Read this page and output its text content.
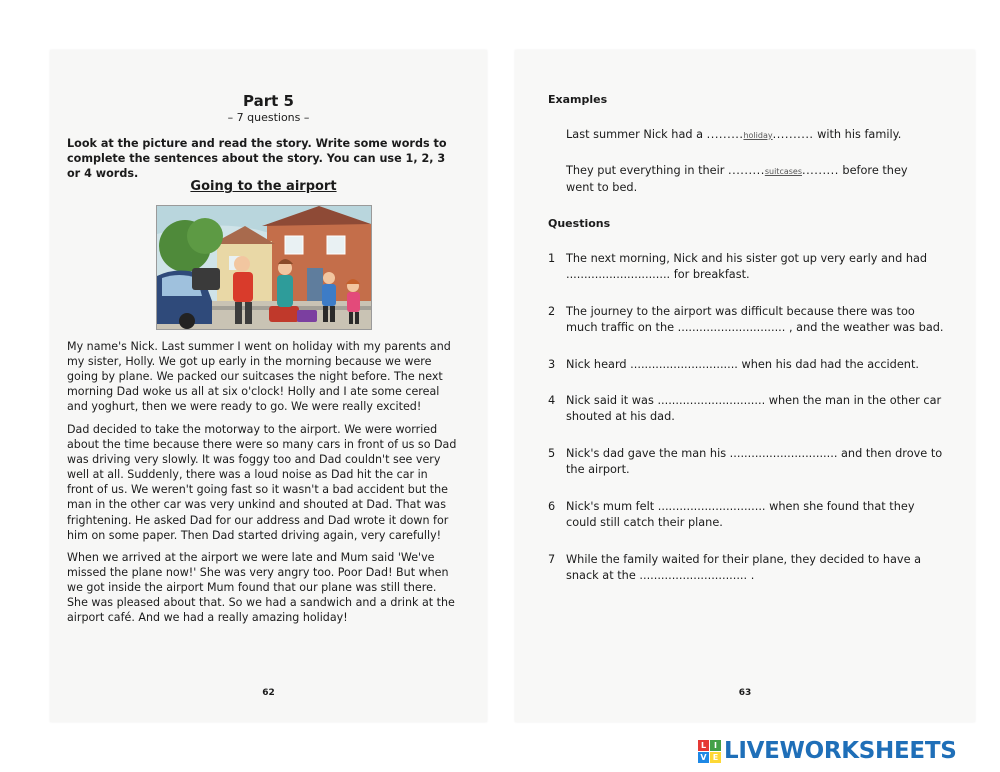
Part 5
– 7 questions –
Look at the picture and read the story. Write some words to complete the sentences about the story. You can use 1, 2, 3 or 4 words.
Going to the airport
My name's Nick. Last summer I went on holiday with my parents and my sister, Holly. We got up early in the morning because we were going by plane. We packed our suitcases the night before. The next morning Dad woke us all at six o'clock! Holly and I ate some cereal and yoghurt, then we were ready to go. We were really excited!
Dad decided to take the motorway to the airport. We were worried about the time because there were so many cars in front of us so Dad was driving very slowly. It was foggy too and Dad couldn't see very well at all. Suddenly, there was a loud noise as Dad hit the car in front of us. We weren't going fast so it wasn't a bad accident but the man in the other car was very unkind and shouted at Dad. That was frightening. He asked Dad for our address and Dad wrote it down for him on some paper. Then Dad started driving again, very carefully!
When we arrived at the airport we were late and Mum said 'We've missed the plane now!' She was very angry too. Poor Dad! But when we got inside the airport Mum found that our plane was still there. She was pleased about that. So we had a sandwich and a drink at the airport café. And we had a really amazing holiday!
62
Examples
Last summer Nick had a .........holiday.......... with his family.
They put everything in their .........suitcases......... before they went to bed.
Questions
1 The next morning, Nick and his sister got up very early and had ............................. for breakfast.
2 The journey to the airport was difficult because there was too much traffic on the .............................. , and the weather was bad.
3 Nick heard .............................. when his dad had the accident.
4 Nick said it was .............................. when the man in the other car shouted at his dad.
5 Nick's dad gave the man his .............................. and then drove to the airport.
6 Nick's mum felt .............................. when she found that they could still catch their plane.
7 While the family waited for their plane, they decided to have a snack at the .............................. .
63
L I
V E LIVEWORKSHEETS
